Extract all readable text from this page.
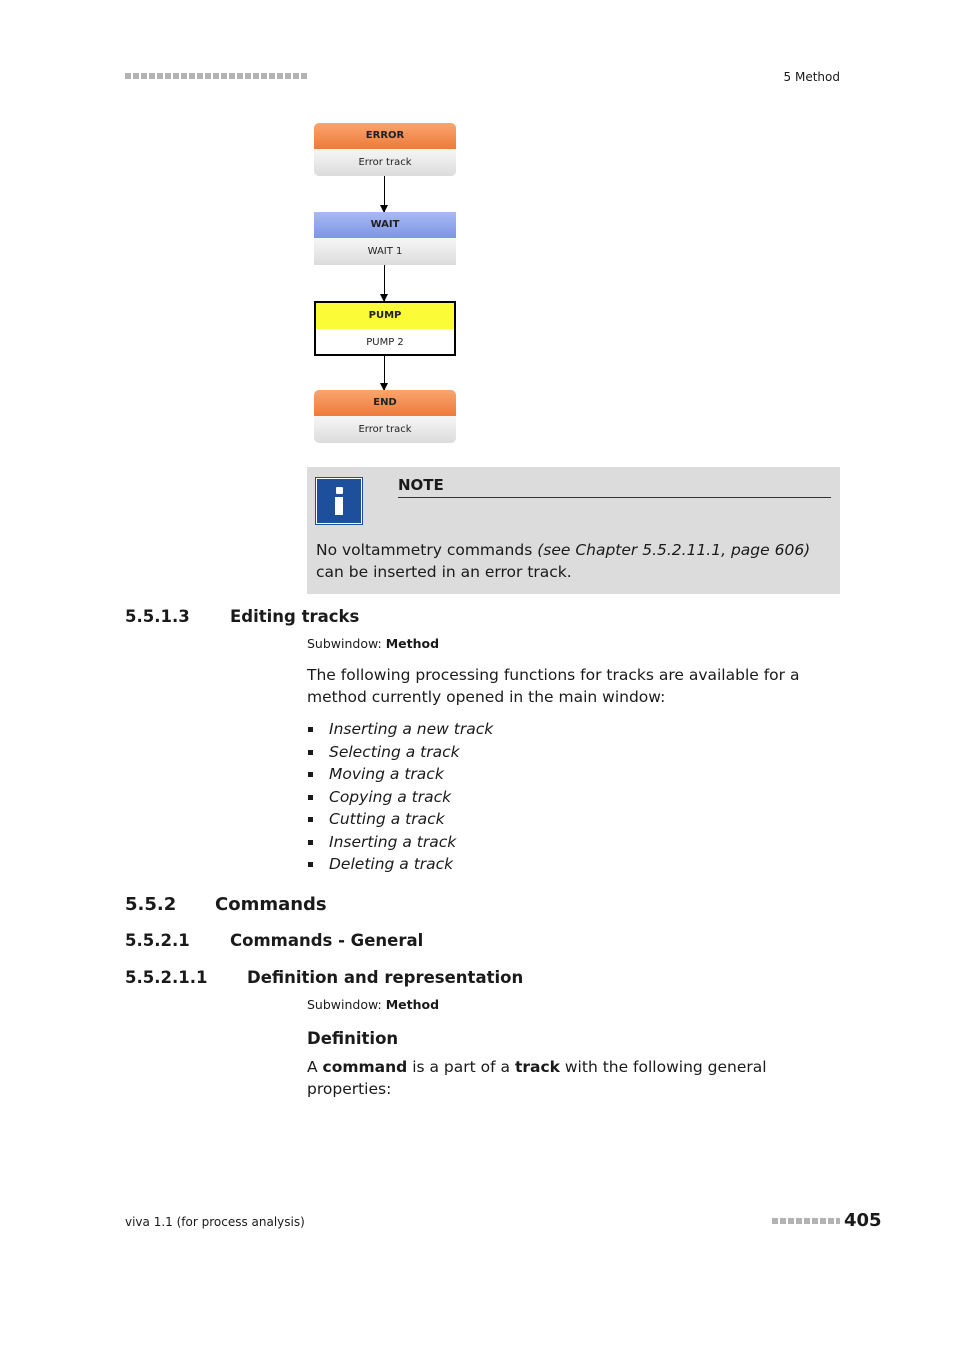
5 Method
ERROR
Error track
WAIT
WAIT 1
PUMP
PUMP 2
END
Error track
NOTE
No voltammetry commands (see Chapter 5.5.2.11.1, page 606) can be inserted in an error track.
5.5.1.3 Editing tracks
Subwindow: Method
The following processing functions for tracks are available for a method currently opened in the main window:
Inserting a new track
Selecting a track
Moving a track
Copying a track
Cutting a track
Inserting a track
Deleting a track
5.5.2 Commands
5.5.2.1 Commands - General
5.5.2.1.1 Definition and representation
Subwindow: Method
Definition
A command is a part of a track with the following general properties:
viva 1.1 (for process analysis)	405
